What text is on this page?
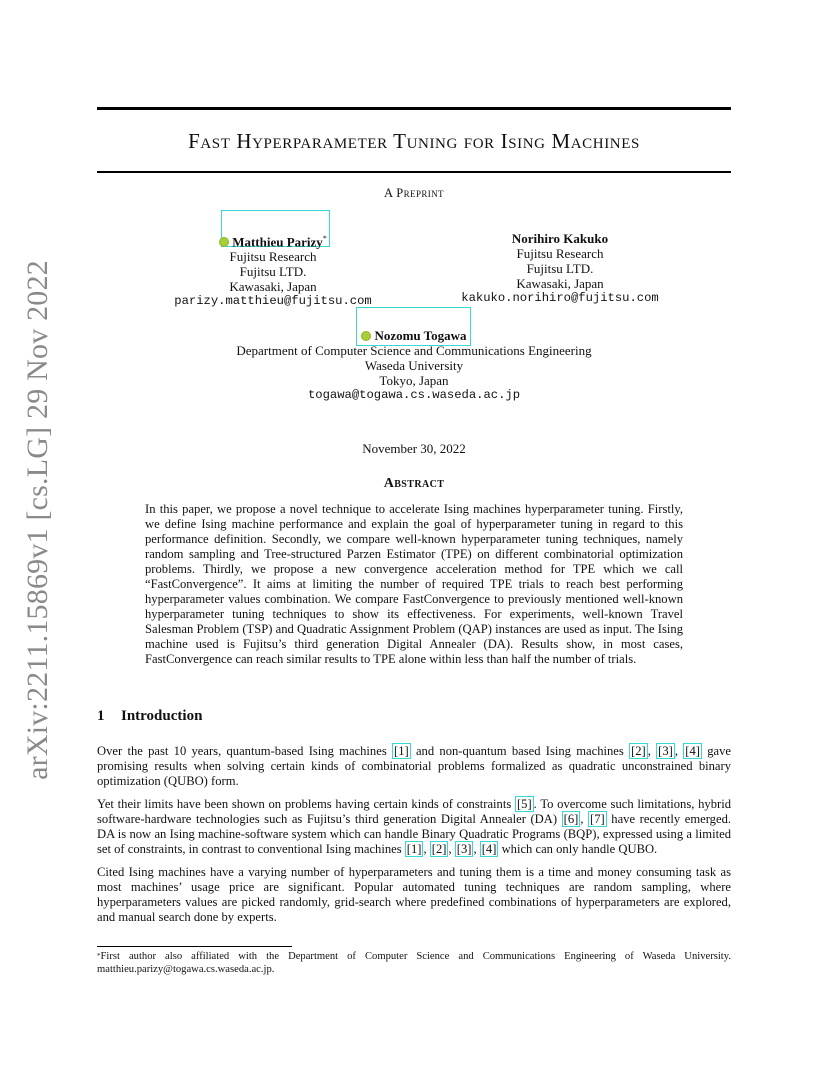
arXiv:2211.15869v1 [cs.LG] 29 Nov 2022
Fast Hyperparameter Tuning for Ising Machines
A Preprint
Matthieu Parizy*
Fujitsu Research
Fujitsu LTD.
Kawasaki, Japan
parizy.matthieu@fujitsu.com
Norihiro Kakuko
Fujitsu Research
Fujitsu LTD.
Kawasaki, Japan
kakuko.norihiro@fujitsu.com
Nozomu Togawa
Department of Computer Science and Communications Engineering
Waseda University
Tokyo, Japan
togawa@togawa.cs.waseda.ac.jp
November 30, 2022
Abstract
In this paper, we propose a novel technique to accelerate Ising machines hyperparameter tuning. Firstly, we define Ising machine performance and explain the goal of hyperparameter tuning in regard to this performance definition. Secondly, we compare well-known hyperparameter tuning techniques, namely random sampling and Tree-structured Parzen Estimator (TPE) on different combinatorial optimization problems. Thirdly, we propose a new convergence acceleration method for TPE which we call “FastConvergence”. It aims at limiting the number of required TPE trials to reach best performing hyperparameter values combination. We compare FastConvergence to previously mentioned well-known hyperparameter tuning techniques to show its effectiveness. For experiments, well-known Travel Salesman Problem (TSP) and Quadratic Assignment Problem (QAP) instances are used as input. The Ising machine used is Fujitsu’s third generation Digital Annealer (DA). Results show, in most cases, FastConvergence can reach similar results to TPE alone within less than half the number of trials.
1 Introduction

Over the past 10 years, quantum-based Ising machines [1] and non-quantum based Ising machines [2] , [3] , [4] gave promising results when solving certain kinds of combinatorial problems formalized as quadratic unconstrained binary optimization (QUBO) form.

Yet their limits have been shown on problems having certain kinds of constraints [5] . To overcome such limitations, hybrid software-hardware technologies such as Fujitsu’s third generation Digital Annealer (DA) [6] , [7] have recently emerged. DA is now an Ising machine-software system which can handle Binary Quadratic Programs (BQP), expressed using a limited set of constraints, in contrast to conventional Ising machines [1] , [2] , [3] , [4] which can only handle QUBO.

Cited Ising machines have a varying number of hyperparameters and tuning them is a time and money consuming task as most machines’ usage price are significant. Popular automated tuning techniques are random sampling, where hyperparameters values are picked randomly, grid-search where predefined combinations of hyperparameters are explored, and manual search done by experts.

*First author also affiliated with the Department of Computer Science and Communications Engineering of Waseda University. matthieu.parizy@togawa.cs.waseda.ac.jp.
